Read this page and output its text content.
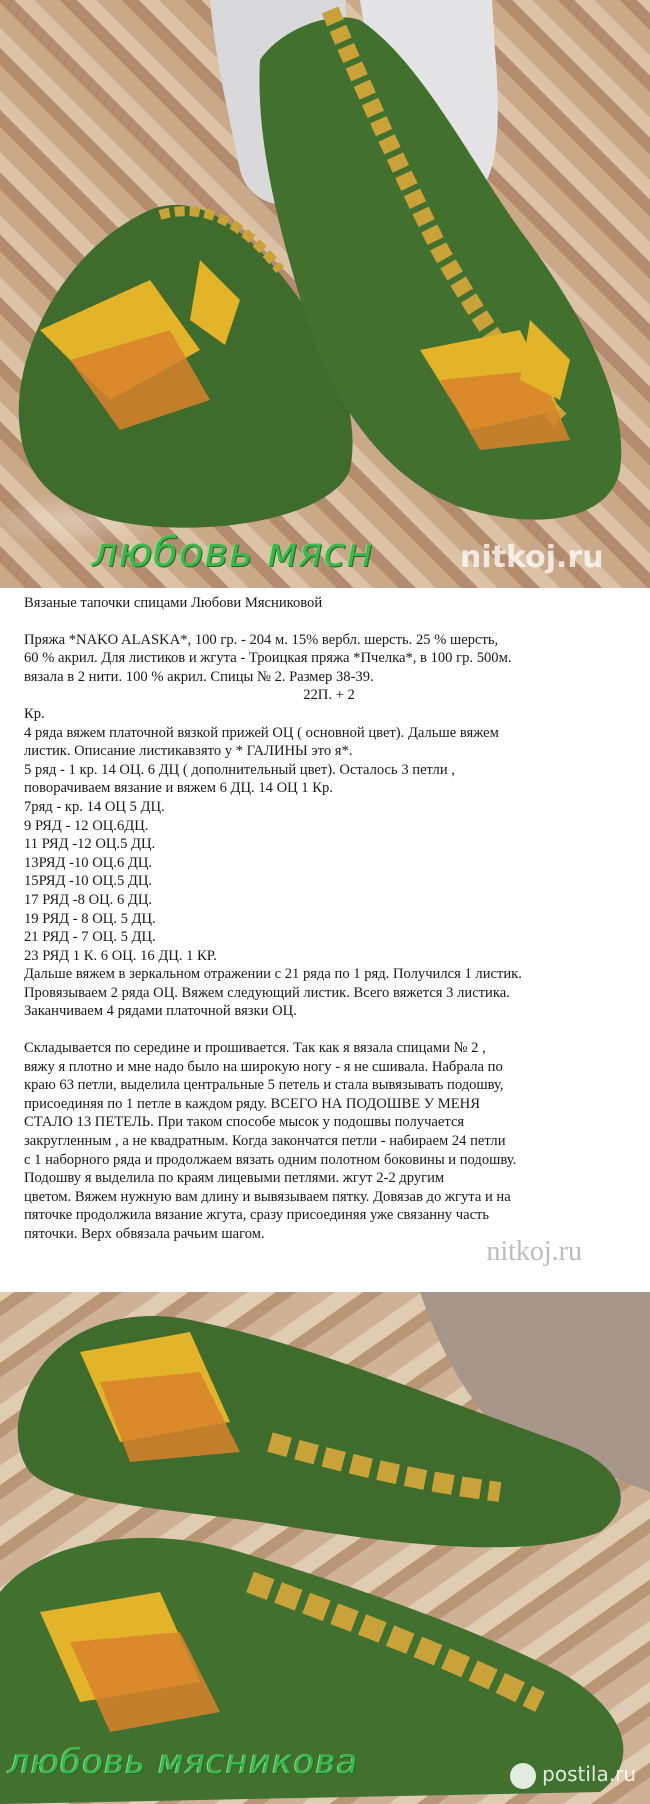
любовь мясн	nitkoj.ru

Вязаные тапочки спицами Любови Мясниковой

Пряжа *NAKO ALASKA*, 100 гр. - 204 м. 15% вербл. шерсть. 25 % шерсть,

60 % акрил. Для листиков и жгута - Троицкая пряжа *Пчелка*, в 100 гр. 500м.

вязала в 2 нити. 100 % акрил. Спицы № 2. Размер 38-39.

22П. + 2

Кр.

4 ряда вяжем платочной вязкой прижей ОЦ ( основной цвет). Дальше вяжем

листик. Описание листикавзято у * ГАЛИНЫ это я*.

5 ряд - 1 кр. 14 ОЦ. 6 ДЦ ( дополнительный цвет). Осталось 3 петли ,

поворачиваем вязание и вяжем 6 ДЦ. 14 ОЦ 1 Кр.

7ряд - кр. 14 ОЦ 5 ДЦ.

9 РЯД - 12 ОЦ.6ДЦ.

11 РЯД -12 ОЦ.5 ДЦ.

13РЯД -10 ОЦ.6 ДЦ.

15РЯД -10 ОЦ.5 ДЦ.

17 РЯД -8 ОЦ. 6 ДЦ.

19 РЯД - 8 ОЦ. 5 ДЦ.

21 РЯД - 7 ОЦ. 5 ДЦ.

23 РЯД 1 К. 6 ОЦ. 16 ДЦ. 1 КР.

Дальше вяжем в зеркальном отражении с 21 ряда по 1 ряд. Получился 1 листик.

Провязываем 2 ряда ОЦ. Вяжем следующий листик. Всего вяжется 3 листика.

Заканчиваем 4 рядами платочной вязки ОЦ.

Складывается по середине и прошивается. Так как я вязала спицами № 2 ,

вяжу я плотно и мне надо было на широкую ногу - я не сшивала. Набрала по

краю 63 петли, выделила центральные 5 петель и стала вывязывать подошву,

присоединяя по 1 петле в каждом ряду. ВСЕГО НА ПОДОШВЕ У МЕНЯ

СТАЛО 13 ПЕТЕЛЬ. При таком способе мысок у подошвы получается

закругленным , а не квадратным. Когда закончатся петли - набираем 24 петли

с 1 наборного ряда и продолжаем вязать одним полотном боковины и подошву.

Подошву я выделила по краям лицевыми петлями. жгут 2-2 другим

цветом. Вяжем нужную вам длину и вывязываем пятку. Довязав до жгута и на

пяточке продолжила вязание жгута, сразу присоединяя уже связанну часть

пяточки. Верх обвязала рачьим шагом.

nitkoj.ru
любовь мясникова	postila.ru
